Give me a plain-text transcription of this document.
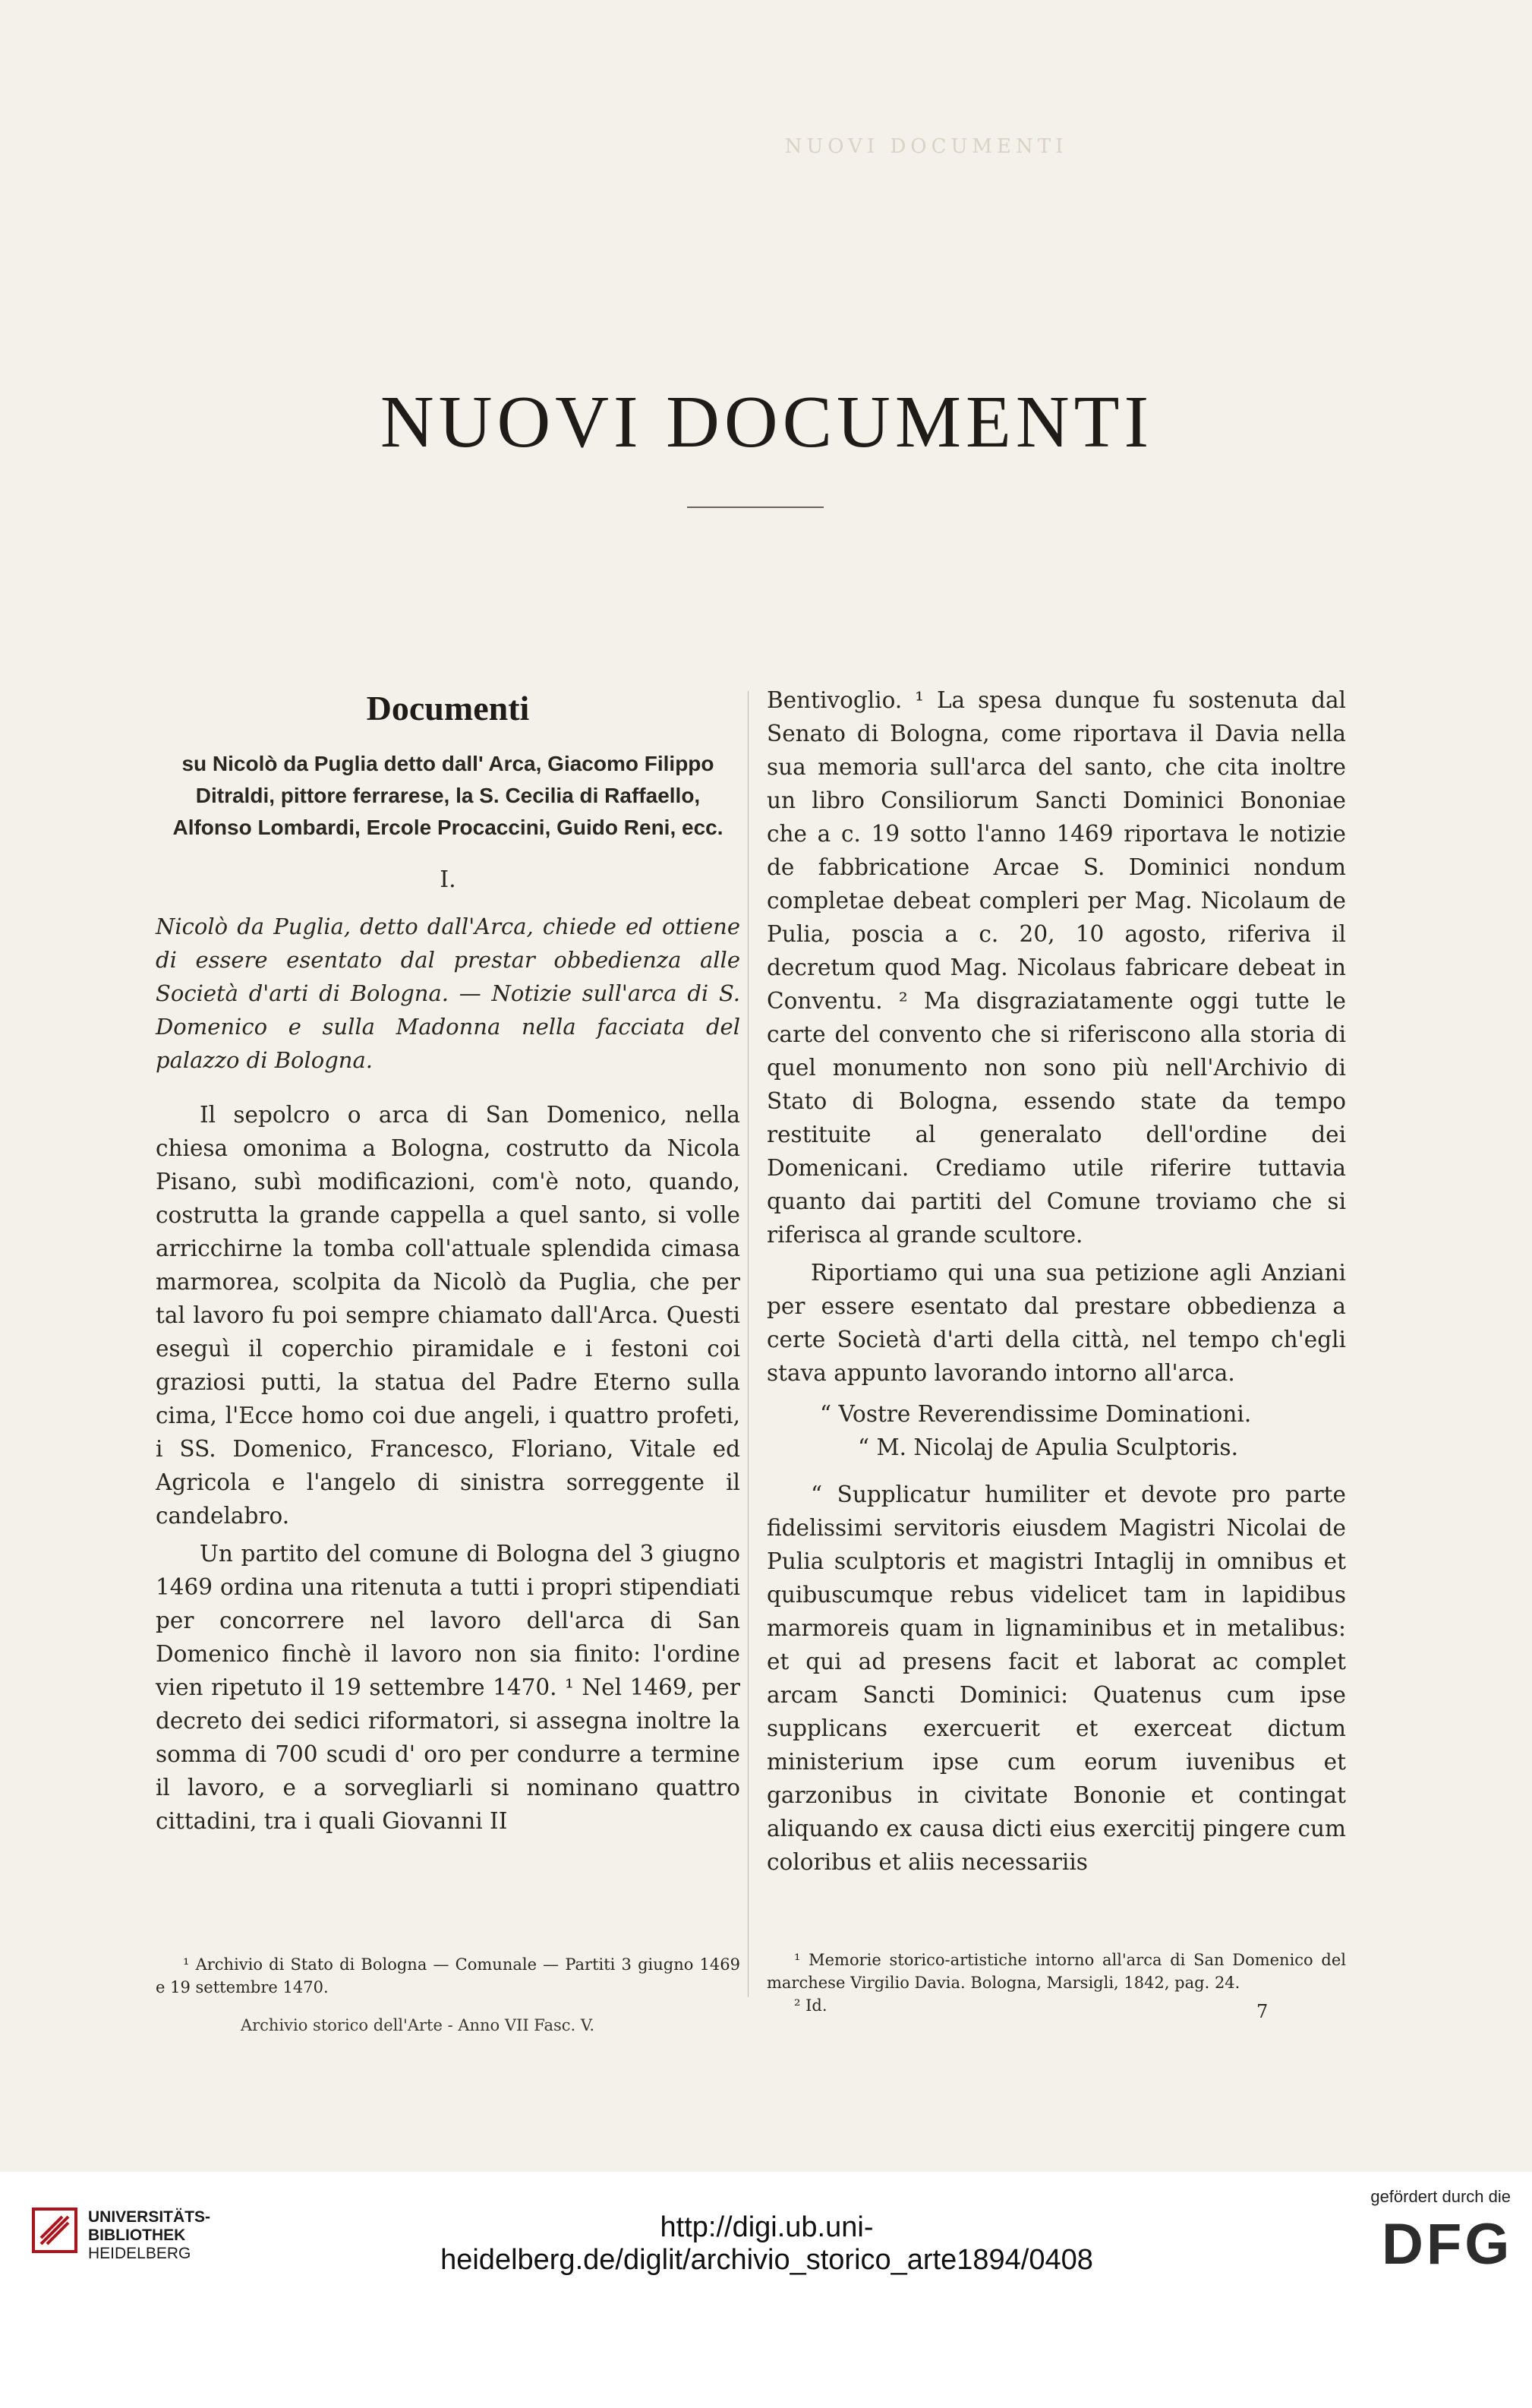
NUOVI DOCUMENTI
NUOVI DOCUMENTI
Documenti
su Nicolò da Puglia detto dall' Arca, Giacomo Filippo
Ditraldi, pittore ferrarese, la S. Cecilia di Raffaello,
Alfonso Lombardi, Ercole Procaccini, Guido Reni, ecc.
I.

Nicolò da Puglia, detto dall'Arca, chiede ed ottiene di essere esentato dal prestar obbedienza alle Società d'arti di Bologna. — Notizie sull'arca di S. Domenico e sulla Madonna nella facciata del palazzo di Bologna.

Il sepolcro o arca di San Domenico, nella chiesa omonima a Bologna, costrutto da Nicola Pisano, subì modificazioni, com'è noto, quando, costrutta la grande cappella a quel santo, si volle arricchirne la tomba coll'attuale splendida cimasa marmorea, scolpita da Nicolò da Puglia, che per tal lavoro fu poi sempre chiamato dall'Arca. Questi eseguì il coperchio piramidale e i festoni coi graziosi putti, la statua del Padre Eterno sulla cima, l'Ecce homo coi due angeli, i quattro profeti, i SS. Domenico, Francesco, Floriano, Vitale ed Agricola e l'angelo di sinistra sorreggente il candelabro.

Un partito del comune di Bologna del 3 giugno 1469 ordina una ritenuta a tutti i propri stipendiati per concorrere nel lavoro dell'arca di San Domenico finchè il lavoro non sia finito: l'ordine vien ripetuto il 19 settembre 1470. ¹ Nel 1469, per decreto dei sedici riformatori, si assegna inoltre la somma di 700 scudi d' oro per condurre a termine il lavoro, e a sorvegliarli si nominano quattro cittadini, tra i quali Giovanni II

Bentivoglio. ¹ La spesa dunque fu sostenuta dal Senato di Bologna, come riportava il Davia nella sua memoria sull'arca del santo, che cita inoltre un libro Consiliorum Sancti Dominici Bononiae che a c. 19 sotto l'anno 1469 riportava le notizie de fabbricatione Arcae S. Dominici nondum completae debeat compleri per Mag. Nicolaum de Pulia, poscia a c. 20, 10 agosto, riferiva il decretum quod Mag. Nicolaus fabricare debeat in Conventu. ² Ma disgraziatamente oggi tutte le carte del convento che si riferiscono alla storia di quel monumento non sono più nell'Archivio di Stato di Bologna, essendo state da tempo restituite al generalato dell'ordine dei Domenicani. Crediamo utile riferire tuttavia quanto dai partiti del Comune troviamo che si riferisca al grande scultore.

Riportiamo qui una sua petizione agli Anziani per essere esentato dal prestare obbedienza a certe Società d'arti della città, nel tempo ch'egli stava appunto lavorando intorno all'arca.

“ Vostre Reverendissime Dominationi.
“ M. Nicolaj de Apulia Sculptoris.

“ Supplicatur humiliter et devote pro parte fidelissimi servitoris eiusdem Magistri Nicolai de Pulia sculptoris et magistri Intaglij in omnibus et quibuscumque rebus videlicet tam in lapidibus marmoreis quam in lignaminibus et in metalibus: et qui ad presens facit et laborat ac complet arcam Sancti Dominici: Quatenus cum ipse supplicans exercuerit et exerceat dictum ministerium ipse cum eorum iuvenibus et garzonibus in civitate Bononie et contingat aliquando ex causa dicti eius exercitij pingere cum coloribus et aliis necessariis

¹ Archivio di Stato di Bologna — Comunale — Partiti 3 giugno 1469 e 19 settembre 1470.

¹ Memorie storico-artistiche intorno all'arca di San Domenico del marchese Virgilio Davia. Bologna, Marsigli, 1842, pag. 24.

² Id.

Archivio storico dell'Arte - Anno VII Fasc. V.
7
UNIVERSITÄTS-
BIBLIOTHEK
HEIDELBERG
http://digi.ub.uni-heidelberg.de/diglit/archivio_storico_arte1894/0408
gefördert durch die
DFG
